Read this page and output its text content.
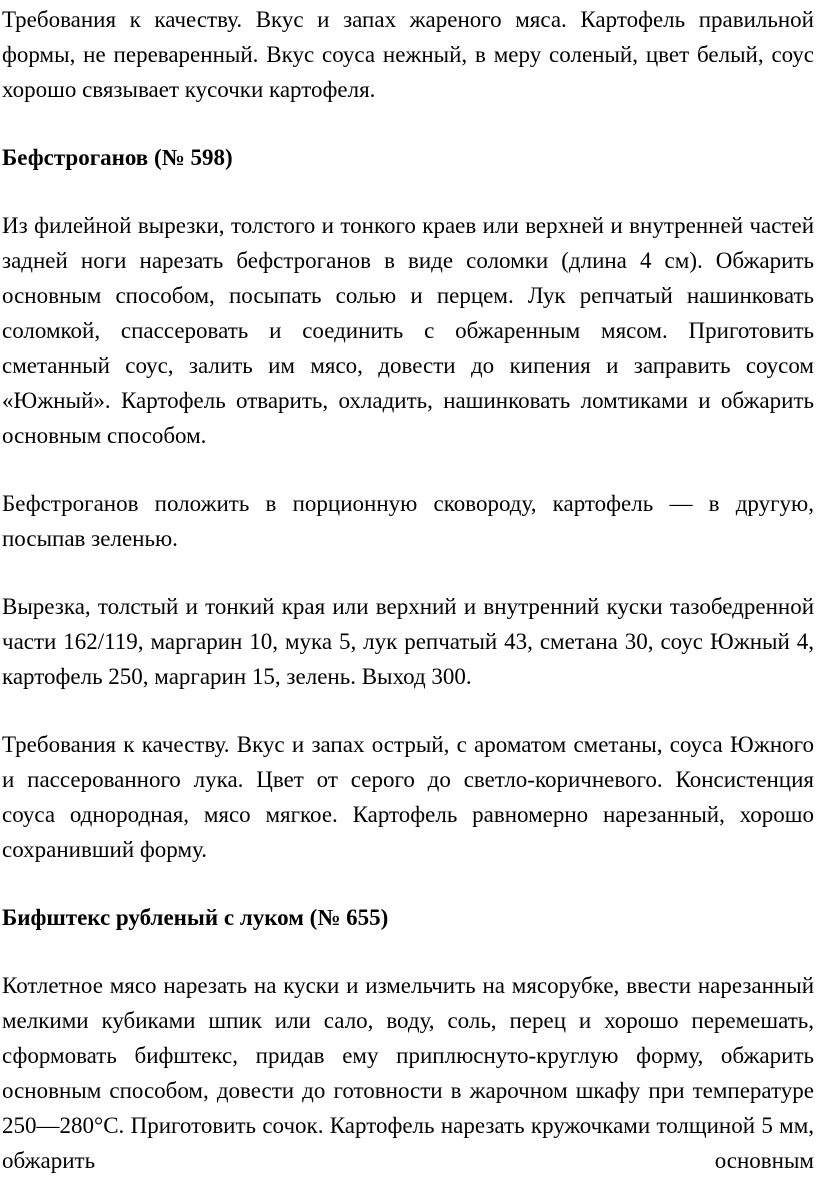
Требования к качеству. Вкус и запах жареного мяса. Картофель правильной формы, не переваренный. Вкус соуса нежный, в меру соленый, цвет белый, соус хорошо связывает кусочки картофеля.

Бефстроганов (№ 598)

Из филейной вырезки, толстого и тонкого краев или верхней и внутренней частей задней ноги нарезать бефстроганов в виде соломки (длина 4 см). Обжарить основным способом, посыпать солью и перцем. Лук репчатый нашинковать соломкой, спассеровать и соединить с обжаренным мясом. Приготовить сметанный соус, залить им мясо, довести до кипения и заправить соусом «Южный». Картофель отварить, охладить, нашинковать ломтиками и обжарить основным способом.

Бефстроганов положить в порционную сковороду, картофель — в другую, посыпав зеленью.

Вырезка, толстый и тонкий края или верхний и внутренний куски тазобедренной части 162/119, маргарин 10, мука 5, лук репчатый 43, сметана 30, соус Южный 4, картофель 250, маргарин 15, зелень. Выход 300.

Требования к качеству. Вкус и запах острый, с ароматом сметаны, соуса Южного и пассерованного лука. Цвет от серого до светло-коричневого. Консистенция соуса однородная, мясо мягкое. Картофель равномерно нарезанный, хорошо сохранивший форму.

Бифштекс рубленый с луком (№ 655)

Котлетное мясо нарезать на куски и измельчить на мясорубке, ввести нарезанный мелкими кубиками шпик или сало, воду, соль, перец и хорошо перемешать, сформовать бифштекс, придав ему приплюснуто-круглую форму, обжарить основным способом, довести до готовности в жарочном шкафу при температуре 250—280°С. Приготовить сочок. Картофель нарезать кружочками толщиной 5 мм, обжарить основным
